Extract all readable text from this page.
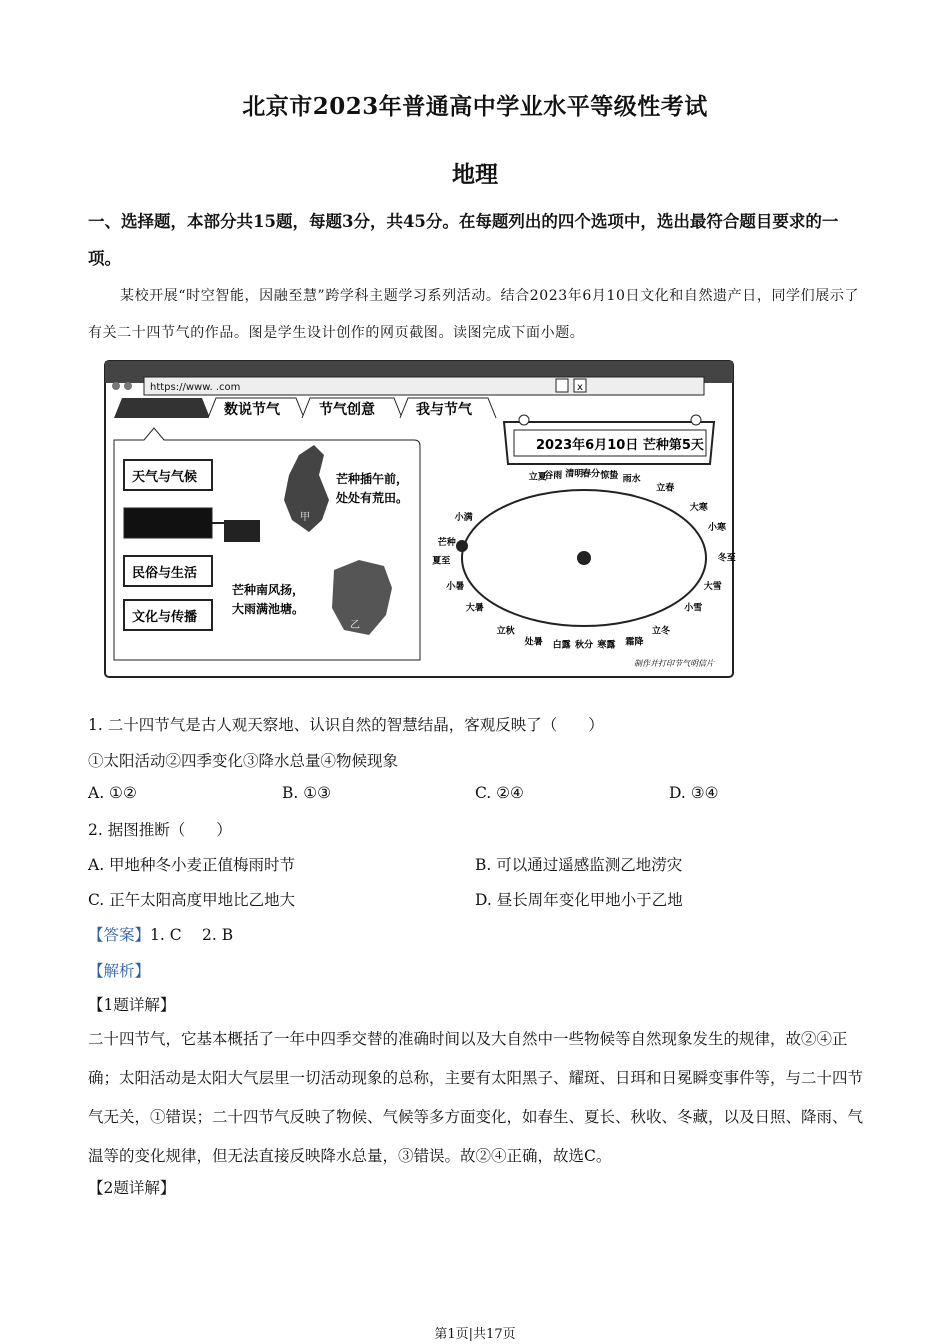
北京市2023年普通高中学业水平等级性考试
地理
一、选择题，本部分共15题，每题3分，共45分。在每题列出的四个选项中，选出最符合题目要求的一项。
某校开展“时空智能，因融至慧”跨学科主题学习系列活动。结合2023年6月10日文化和自然遗产日，同学们展示了有关二十四节气的作品。图是学生设计创作的网页截图。读图完成下面小题。
https://www. .com	x
数说节气	节气创意	我与节气
天气与气候
民俗与生活
文化与传播
甲
芒种插午前，
处处有荒田。
乙
芒种南风扬，
大雨满池塘。
2023年6月10日 芒种第5天
立夏
谷雨 清明
春分 惊蛰 雨水
立春
大寒
小寒
冬至
大雪
小雪
立冬
霜降
寒露
秋分
白露
处暑
立秋
大暑
小暑
夏至
芒种
小满
制作并打印节气明信片
1. 二十四节气是古人观天察地、认识自然的智慧结晶，客观反映了（　　）
①太阳活动②四季变化③降水总量④物候现象
A. ①②	B. ①③	C. ②④	D. ③④
2. 据图推断（　　）
A. 甲地种冬小麦正值梅雨时节	B. 可以通过遥感监测乙地涝灾
C. 正午太阳高度甲地比乙地大	D. 昼长周年变化甲地小于乙地
【答案】1. C　 2. B
【解析】
【1题详解】
二十四节气，它基本概括了一年中四季交替的准确时间以及大自然中一些物候等自然现象发生的规律，故②④正确；太阳活动是太阳大气层里一切活动现象的总称，主要有太阳黑子、耀斑、日珥和日冕瞬变事件等，与二十四节气无关，①错误；二十四节气反映了物候、气候等多方面变化，如春生、夏长、秋收、冬藏，以及日照、降雨、气温等的变化规律，但无法直接反映降水总量，③错误。故②④正确，故选C。
【2题详解】
第1页|共17页
